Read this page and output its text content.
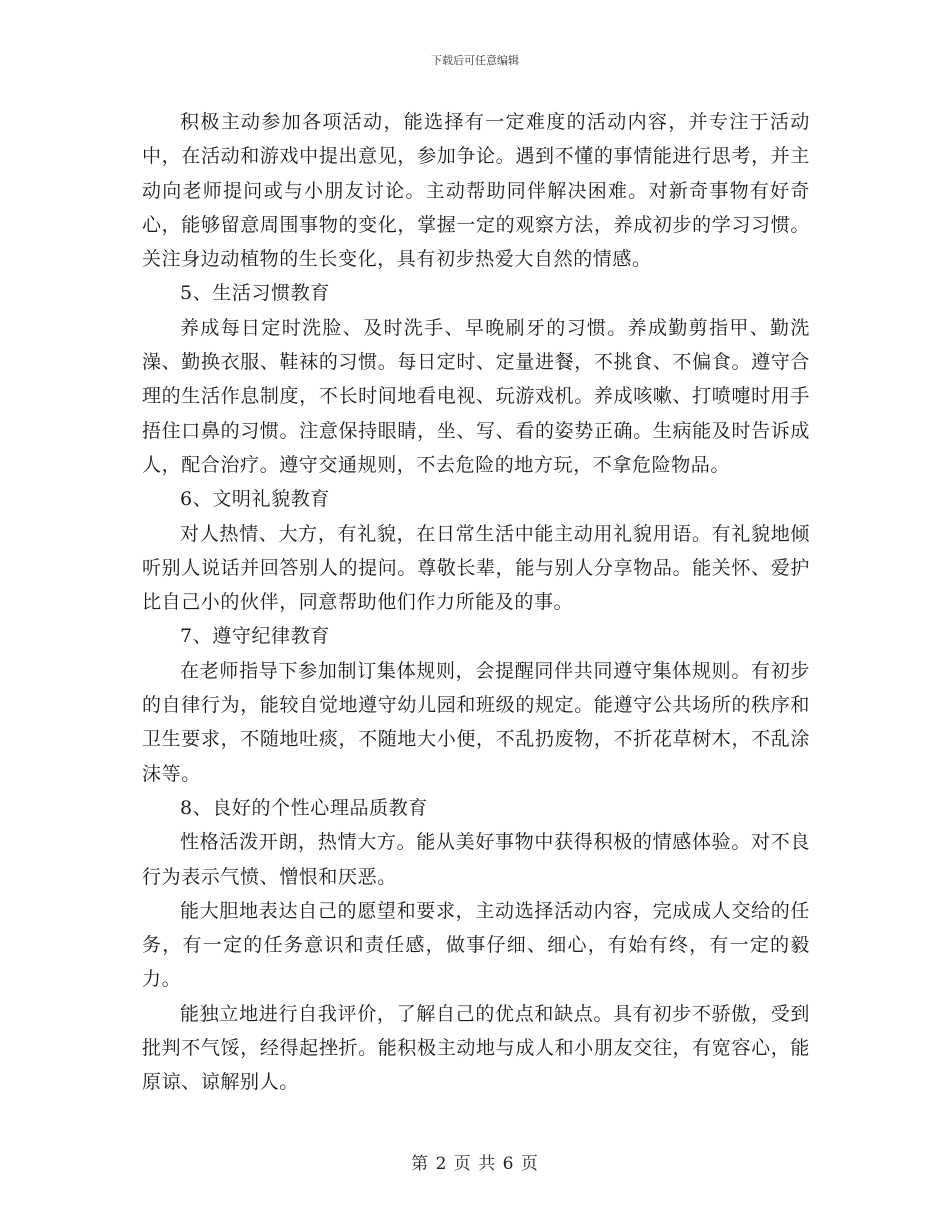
下载后可任意编辑

积极主动参加各项活动，能选择有一定难度的活动内容，并专注于活动中，在活动和游戏中提出意见，参加争论。遇到不懂的事情能进行思考，并主动向老师提问或与小朋友讨论。主动帮助同伴解决困难。对新奇事物有好奇心，能够留意周围事物的变化，掌握一定的观察方法，养成初步的学习习惯。关注身边动植物的生长变化，具有初步热爱大自然的情感。

5、生活习惯教育

养成每日定时洗脸、及时洗手、早晚刷牙的习惯。养成勤剪指甲、勤洗澡、勤换衣服、鞋袜的习惯。每日定时、定量进餐，不挑食、不偏食。遵守合理的生活作息制度，不长时间地看电视、玩游戏机。养成咳嗽、打喷嚏时用手捂住口鼻的习惯。注意保持眼睛，坐、写、看的姿势正确。生病能及时告诉成人，配合治疗。遵守交通规则，不去危险的地方玩，不拿危险物品。

6、文明礼貌教育

对人热情、大方，有礼貌，在日常生活中能主动用礼貌用语。有礼貌地倾听别人说话并回答别人的提问。尊敬长辈，能与别人分享物品。能关怀、爱护比自己小的伙伴，同意帮助他们作力所能及的事。

7、遵守纪律教育

在老师指导下参加制订集体规则，会提醒同伴共同遵守集体规则。有初步的自律行为，能较自觉地遵守幼儿园和班级的规定。能遵守公共场所的秩序和卫生要求，不随地吐痰，不随地大小便，不乱扔废物，不折花草树木，不乱涂沫等。

8、良好的个性心理品质教育

性格活泼开朗，热情大方。能从美好事物中获得积极的情感体验。对不良行为表示气愤、憎恨和厌恶。

能大胆地表达自己的愿望和要求，主动选择活动内容，完成成人交给的任务，有一定的任务意识和责任感，做事仔细、细心，有始有终，有一定的毅力。

能独立地进行自我评价，了解自己的优点和缺点。具有初步不骄傲，受到批判不气馁，经得起挫折。能积极主动地与成人和小朋友交往，有宽容心，能原谅、谅解别人。

第 2 页 共 6 页
